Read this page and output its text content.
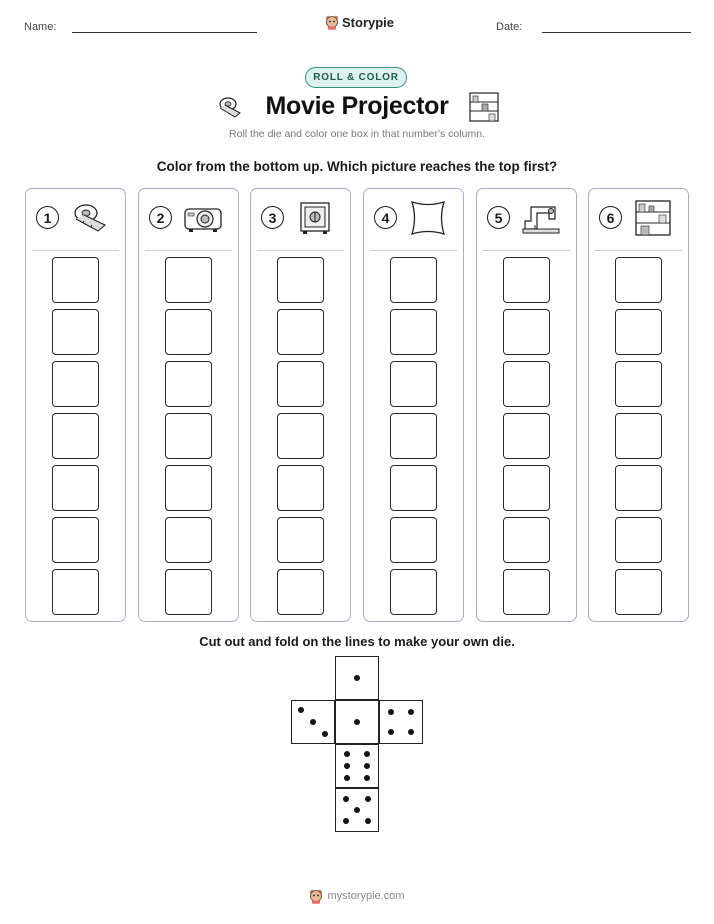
Name:	Storypie	Date:
ROLL & COLOR
Movie Projector
Roll the die and color one box in that number's column.
Color from the bottom up. Which picture reaches the top first?
1	2	3	4	5	6
Cut out and fold on the lines to make your own die.
mystorypie.com
